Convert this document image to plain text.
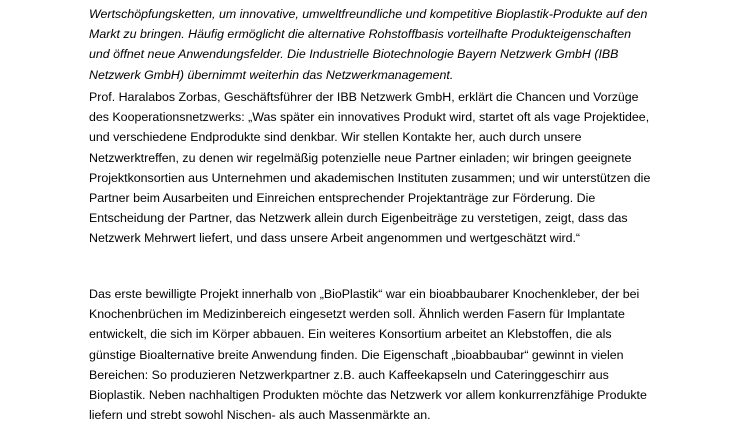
Wertschöpfungsketten, um innovative, umweltfreundliche und kompetitive Bioplastik-Produkte auf den
Markt zu bringen. Häufig ermöglicht die alternative Rohstoffbasis vorteilhafte Produkteigenschaften
und öffnet neue Anwendungsfelder. Die Industrielle Biotechnologie Bayern Netzwerk GmbH (IBB
Netzwerk GmbH) übernimmt weiterhin das Netzwerkmanagement.
Prof. Haralabos Zorbas, Geschäftsführer der IBB Netzwerk GmbH, erklärt die Chancen und Vorzüge
des Kooperationsnetzwerks: „Was später ein innovatives Produkt wird, startet oft als vage Projektidee,
und verschiedene Endprodukte sind denkbar. Wir stellen Kontakte her, auch durch unsere
Netzwerktreffen, zu denen wir regelmäßig potenzielle neue Partner einladen; wir bringen geeignete
Projektkonsortien aus Unternehmen und akademischen Instituten zusammen; und wir unterstützen die
Partner beim Ausarbeiten und Einreichen entsprechender Projektanträge zur Förderung. Die
Entscheidung der Partner, das Netzwerk allein durch Eigenbeiträge zu verstetigen, zeigt, dass das
Netzwerk Mehrwert liefert, und dass unsere Arbeit angenommen und wertgeschätzt wird.“
Das erste bewilligte Projekt innerhalb von „BioPlastik“ war ein bioabbaubarer Knochenkleber, der bei
Knochenbrüchen im Medizinbereich eingesetzt werden soll. Ähnlich werden Fasern für Implantate
entwickelt, die sich im Körper abbauen. Ein weiteres Konsortium arbeitet an Klebstoffen, die als
günstige Bioalternative breite Anwendung finden. Die Eigenschaft „bioabbaubar“ gewinnt in vielen
Bereichen: So produzieren Netzwerkpartner z.B. auch Kaffeekapseln und Cateringgeschirr aus
Bioplastik. Neben nachhaltigen Produkten möchte das Netzwerk vor allem konkurrenzfähige Produkte
liefern und strebt sowohl Nischen- als auch Massenmärkte an.
